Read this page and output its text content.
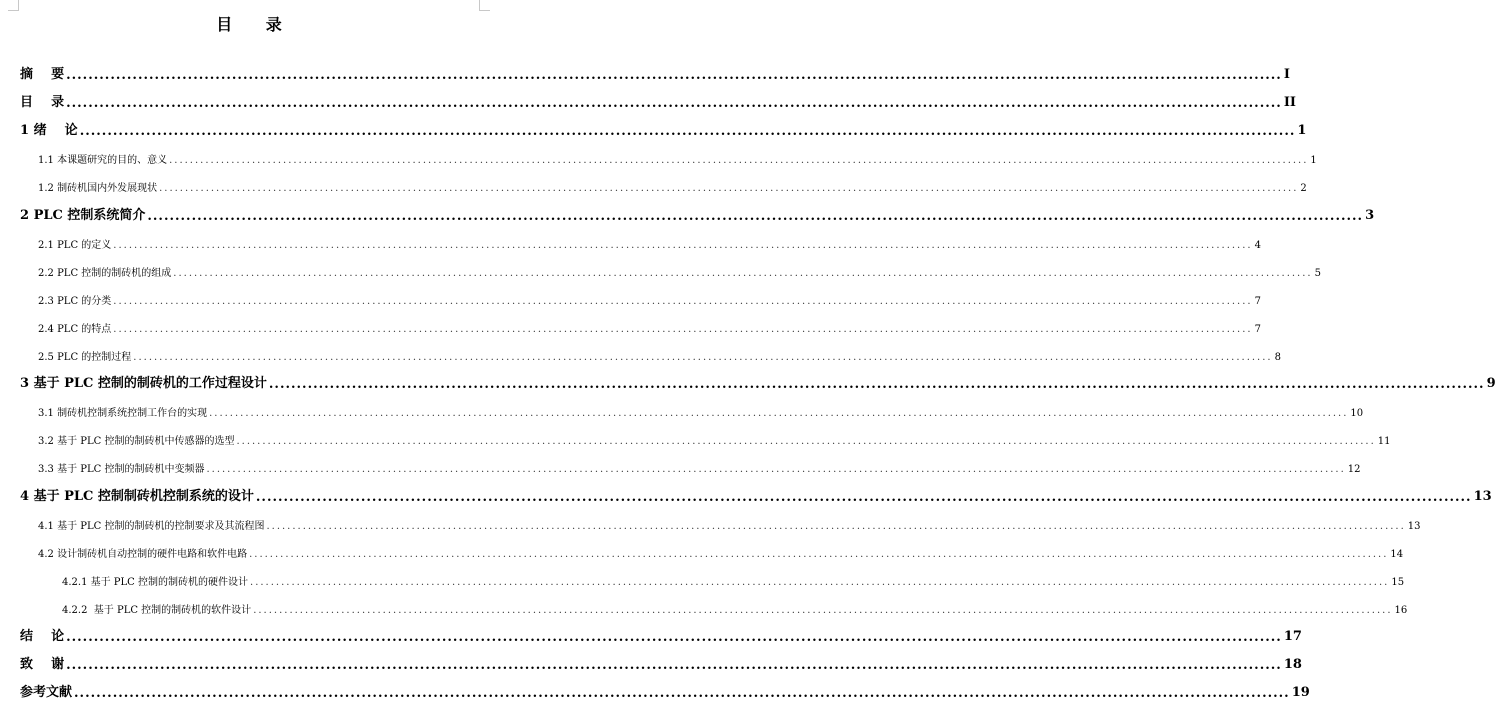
目 录
摘    要 ............................................................................................................................................................................................................................ I
目    录 ............................................................................................................................................................................................................................ II
1 绪    论 ............................................................................................................................................................................................................................ 1
1.1 本课题研究的目的、意义 ............................................................................................................................................................................................................................ 1
1.2 制砖机国内外发展现状 ............................................................................................................................................................................................................................ 2
2 PLC 控制系统简介 ............................................................................................................................................................................................................................ 3
2.1 PLC 的定义 ............................................................................................................................................................................................................................ 4
2.2 PLC 控制的制砖机的组成 ............................................................................................................................................................................................................................ 5
2.3 PLC 的分类 ............................................................................................................................................................................................................................ 7
2.4 PLC 的特点 ............................................................................................................................................................................................................................ 7
2.5 PLC 的控制过程 ............................................................................................................................................................................................................................ 8
3 基于 PLC 控制的制砖机的工作过程设计 ............................................................................................................................................................................................................................ 9
3.1 制砖机控制系统控制工作台的实现 ............................................................................................................................................................................................................................ 10
3.2 基于 PLC 控制的制砖机中传感器的选型 ............................................................................................................................................................................................................................ 11
3.3 基于 PLC 控制的制砖机中变频器 ............................................................................................................................................................................................................................ 12
4 基于 PLC 控制制砖机控制系统的设计 ............................................................................................................................................................................................................................ 13
4.1 基于 PLC 控制的制砖机的控制要求及其流程图 ............................................................................................................................................................................................................................ 13
4.2 设计制砖机自动控制的硬件电路和软件电路 ............................................................................................................................................................................................................................ 14
4.2.1 基于 PLC 控制的制砖机的硬件设计 ............................................................................................................................................................................................................................ 15
4.2.2  基于 PLC 控制的制砖机的软件设计 ............................................................................................................................................................................................................................ 16
结    论 ............................................................................................................................................................................................................................ 17
致    谢 ............................................................................................................................................................................................................................ 18
参考文献 ............................................................................................................................................................................................................................ 19
